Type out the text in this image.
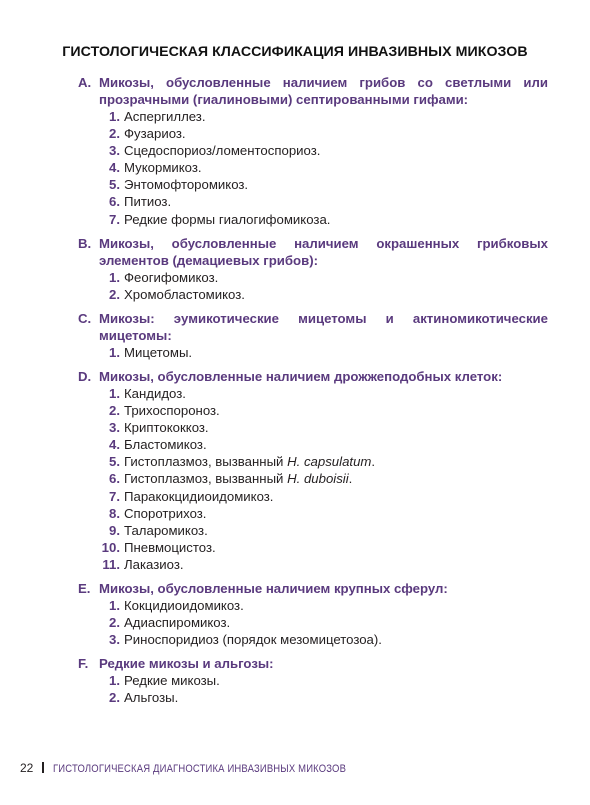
ГИСТОЛОГИЧЕСКАЯ КЛАССИФИКАЦИЯ ИНВАЗИВНЫХ МИКОЗОВ
A. Микозы, обусловленные наличием грибов со светлыми или прозрачными (гиалиновыми) септированными гифами:
1. Аспергиллез.
2. Фузариоз.
3. Сцедоспориоз/ломентоспориоз.
4. Мукормикоз.
5. Энтомофторомикоз.
6. Питиоз.
7. Редкие формы гиалогифомикоза.
B. Микозы, обусловленные наличием окрашенных грибковых элементов (демациевых грибов):
1. Феогифомикоз.
2. Хромобластомикоз.
C. Микозы: эумикотические мицетомы и актиномикотические мицетомы:
1. Мицетомы.
D. Микозы, обусловленные наличием дрожжеподобных клеток:
1. Кандидоз.
2. Трихоспороноз.
3. Криптококкоз.
4. Бластомикоз.
5. Гистоплазмоз, вызванный H. capsulatum.
6. Гистоплазмоз, вызванный H. duboisii.
7. Паракокцидиоидомикоз.
8. Споротрихоз.
9. Таларомикоз.
10. Пневмоцистоз.
11. Лаказиоз.
E. Микозы, обусловленные наличием крупных сферул:
1. Кокцидиоидомикоз.
2. Адиаспиромикоз.
3. Риноспоридиоз (порядок мезомицетозоа).
F. Редкие микозы и альгозы:
1. Редкие микозы.
2. Альгозы.
22 ГИСТОЛОГИЧЕСКАЯ ДИАГНОСТИКА ИНВАЗИВНЫХ МИКОЗОВ
